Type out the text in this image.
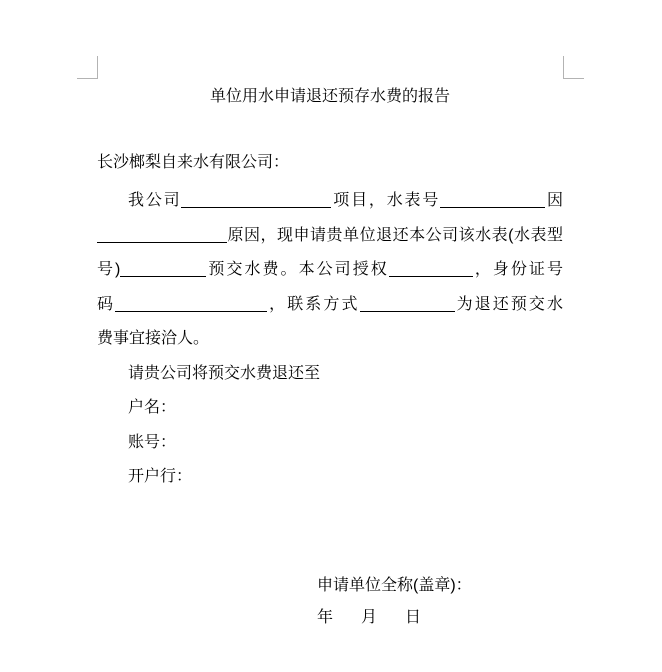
单位用水申请退还预存水费的报告
长沙榔梨自来水有限公司：
我公司	项目，水表号	因
原因，现申请贵单位退还本公司该水表(水表型
号)	预交水费。本公司授权	，身份证号
码	，联系方式	为退还预交水
费事宜接洽人。
请贵公司将预交水费退还至
户名：
账号：
开户行：
申请单位全称(盖章)：
年 月 日
